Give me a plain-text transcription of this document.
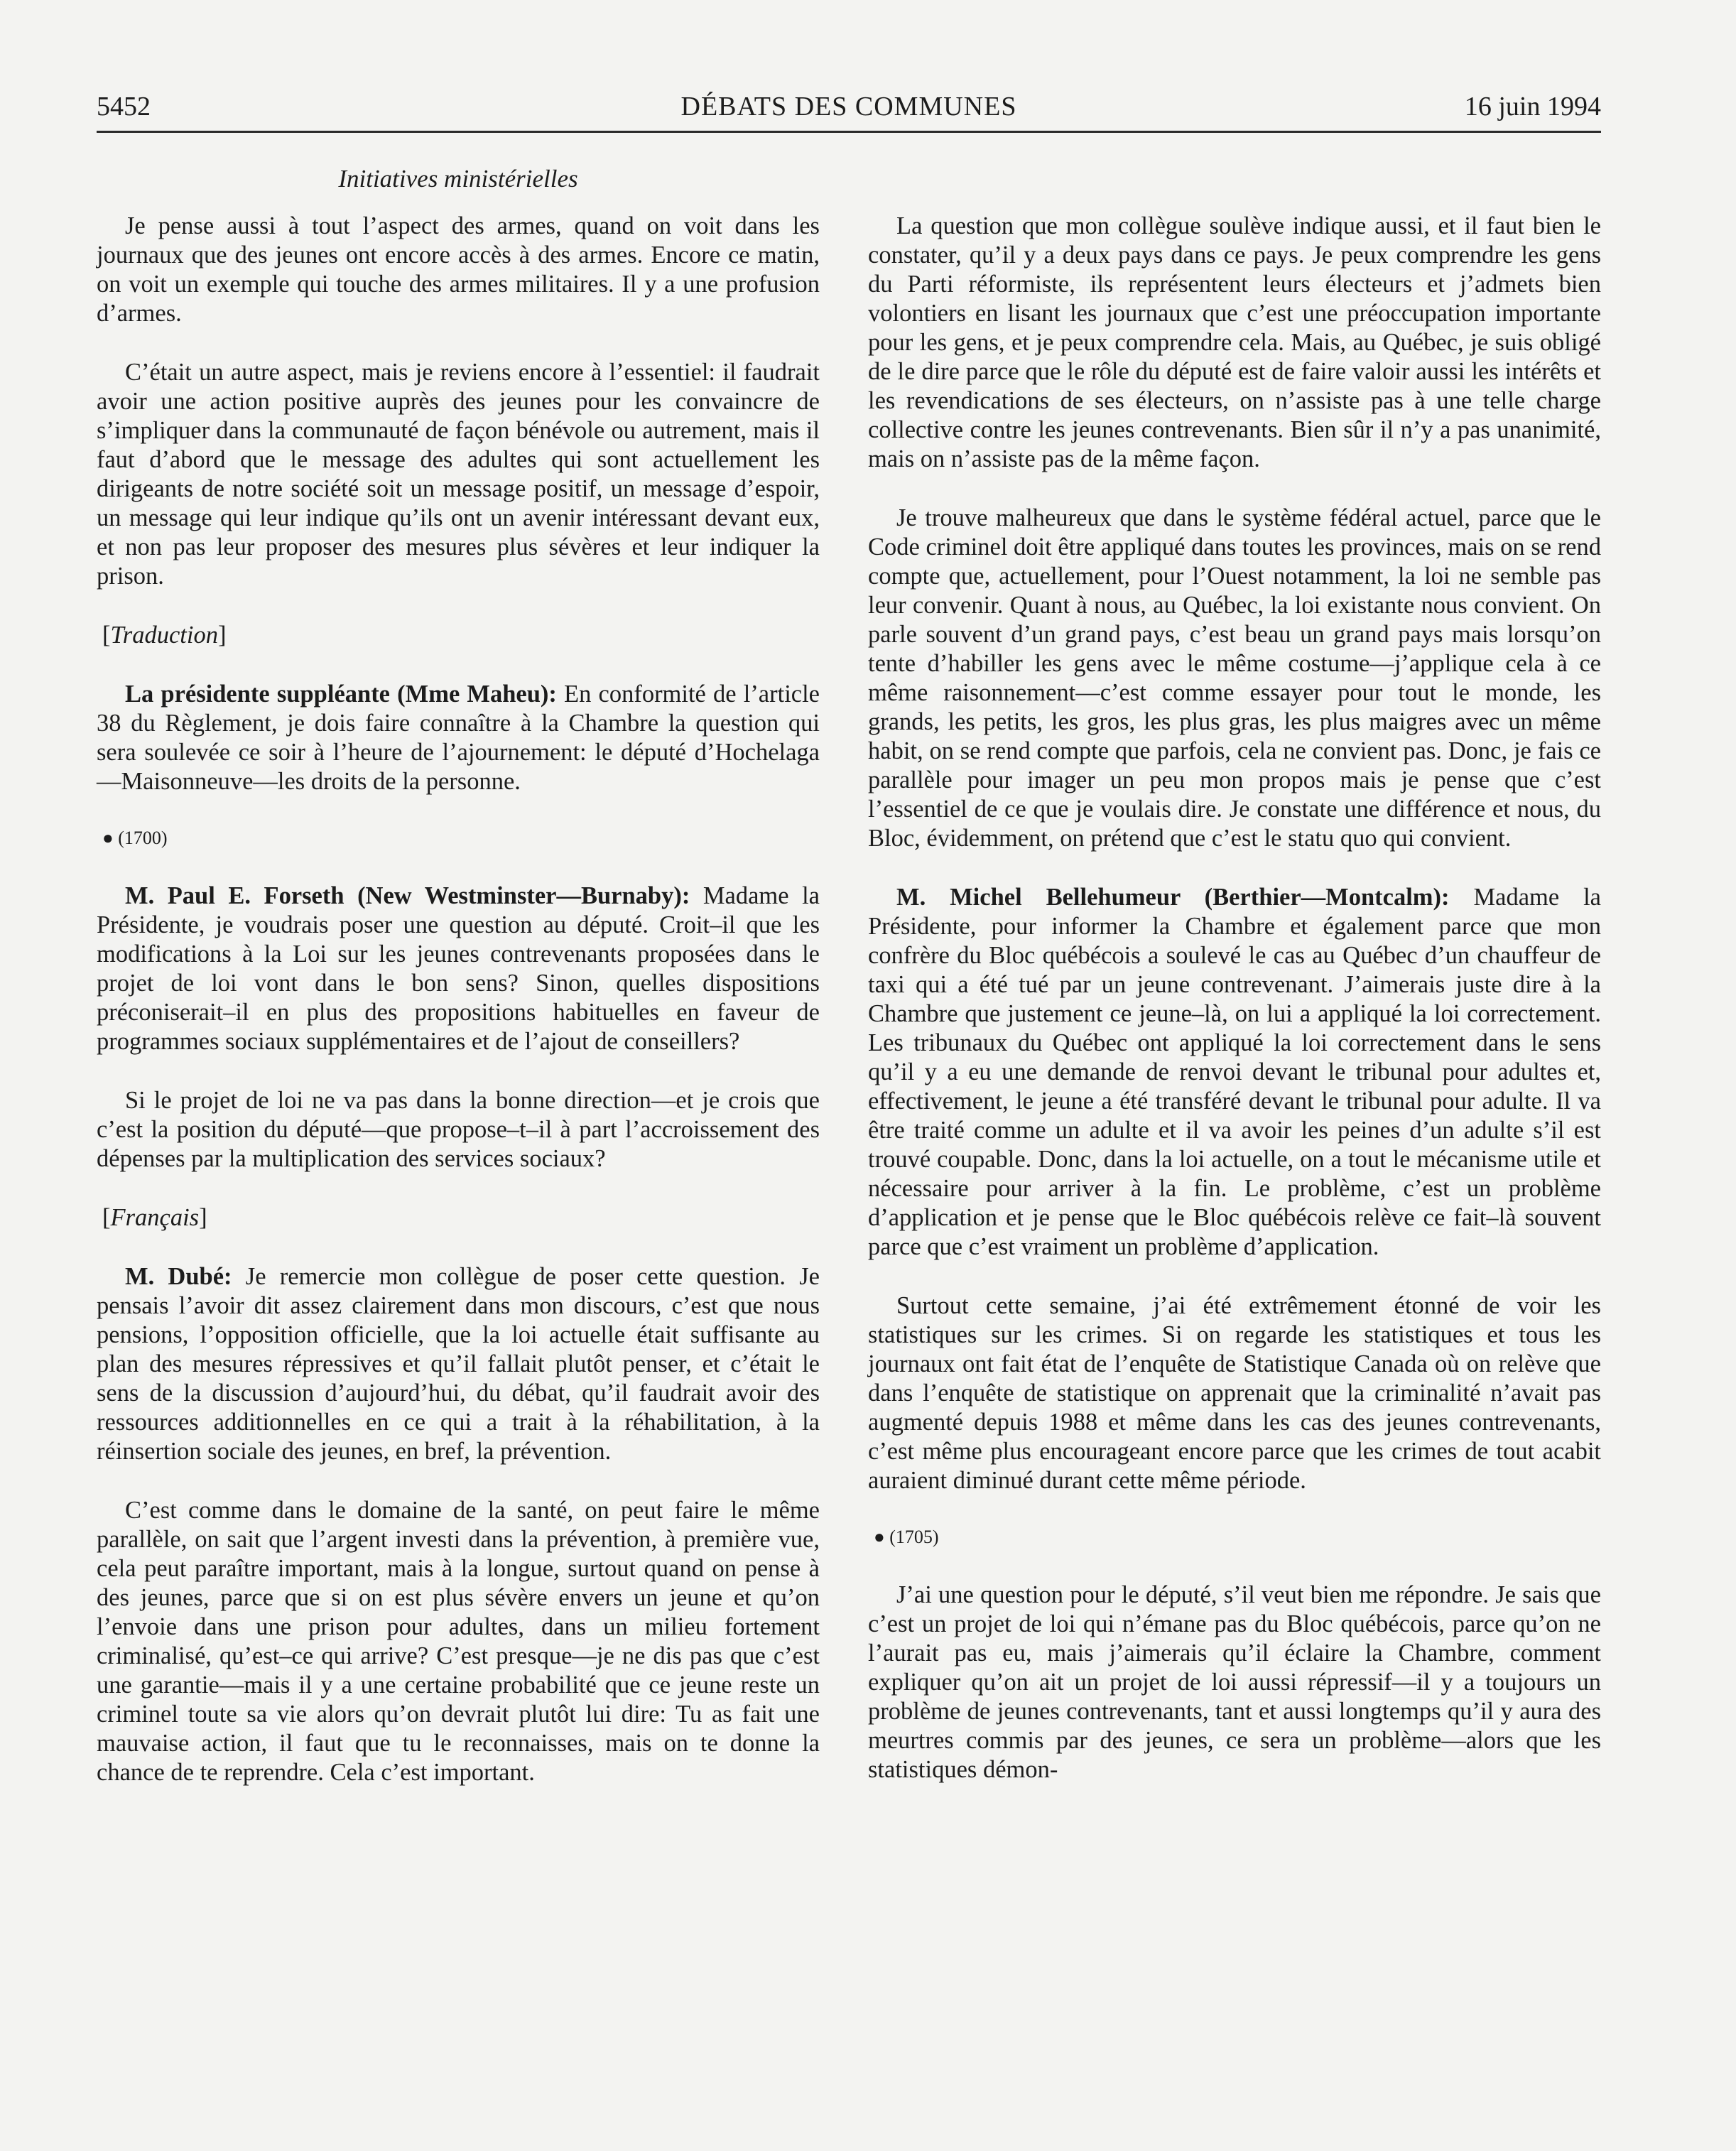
5452	DÉBATS DES COMMUNES	16 juin 1994
Initiatives ministérielles

Je pense aussi à tout l’aspect des armes, quand on voit dans les journaux que des jeunes ont encore accès à des armes. Encore ce matin, on voit un exemple qui touche des armes militaires. Il y a une profusion d’armes.

C’était un autre aspect, mais je reviens encore à l’essentiel: il faudrait avoir une action positive auprès des jeunes pour les convaincre de s’impliquer dans la communauté de façon bénévole ou autrement, mais il faut d’abord que le message des adultes qui sont actuellement les dirigeants de notre société soit un message positif, un message d’espoir, un message qui leur indique qu’ils ont un avenir intéressant devant eux, et non pas leur proposer des mesures plus sévères et leur indiquer la prison.

[Traduction]

La présidente suppléante (Mme Maheu): En conformité de l’article 38 du Règlement, je dois faire connaître à la Chambre la question qui sera soulevée ce soir à l’heure de l’ajournement: le député d’Hochelaga—Maisonneuve—les droits de la personne.

● (1700)

M. Paul E. Forseth (New Westminster—Burnaby): Madame la Présidente, je voudrais poser une question au député. Croit–il que les modifications à la Loi sur les jeunes contrevenants proposées dans le projet de loi vont dans le bon sens? Sinon, quelles dispositions préconiserait–il en plus des propositions habituelles en faveur de programmes sociaux supplémentaires et de l’ajout de conseillers?

Si le projet de loi ne va pas dans la bonne direction—et je crois que c’est la position du député—que propose–t–il à part l’accroissement des dépenses par la multiplication des services sociaux?

[Français]

M. Dubé: Je remercie mon collègue de poser cette question. Je pensais l’avoir dit assez clairement dans mon discours, c’est que nous pensions, l’opposition officielle, que la loi actuelle était suffisante au plan des mesures répressives et qu’il fallait plutôt penser, et c’était le sens de la discussion d’aujourd’hui, du débat, qu’il faudrait avoir des ressources additionnelles en ce qui a trait à la réhabilitation, à la réinsertion sociale des jeunes, en bref, la prévention.

C’est comme dans le domaine de la santé, on peut faire le même parallèle, on sait que l’argent investi dans la prévention, à première vue, cela peut paraître important, mais à la longue, surtout quand on pense à des jeunes, parce que si on est plus sévère envers un jeune et qu’on l’envoie dans une prison pour adultes, dans un milieu fortement criminalisé, qu’est–ce qui arrive? C’est presque—je ne dis pas que c’est une garantie—mais il y a une certaine probabilité que ce jeune reste un criminel toute sa vie alors qu’on devrait plutôt lui dire: Tu as fait une mauvaise action, il faut que tu le reconnaisses, mais on te donne la chance de te reprendre. Cela c’est important.

La question que mon collègue soulève indique aussi, et il faut bien le constater, qu’il y a deux pays dans ce pays. Je peux comprendre les gens du Parti réformiste, ils représentent leurs électeurs et j’admets bien volontiers en lisant les journaux que c’est une préoccupation importante pour les gens, et je peux comprendre cela. Mais, au Québec, je suis obligé de le dire parce que le rôle du député est de faire valoir aussi les intérêts et les revendications de ses électeurs, on n’assiste pas à une telle charge collective contre les jeunes contrevenants. Bien sûr il n’y a pas unanimité, mais on n’assiste pas de la même façon.

Je trouve malheureux que dans le système fédéral actuel, parce que le Code criminel doit être appliqué dans toutes les provinces, mais on se rend compte que, actuellement, pour l’Ouest notamment, la loi ne semble pas leur convenir. Quant à nous, au Québec, la loi existante nous convient. On parle souvent d’un grand pays, c’est beau un grand pays mais lorsqu’on tente d’habiller les gens avec le même costume—j’applique cela à ce même raisonnement—c’est comme essayer pour tout le monde, les grands, les petits, les gros, les plus gras, les plus maigres avec un même habit, on se rend compte que parfois, cela ne convient pas. Donc, je fais ce parallèle pour imager un peu mon propos mais je pense que c’est l’essentiel de ce que je voulais dire. Je constate une différence et nous, du Bloc, évidemment, on prétend que c’est le statu quo qui convient.

M. Michel Bellehumeur (Berthier—Montcalm): Madame la Présidente, pour informer la Chambre et également parce que mon confrère du Bloc québécois a soulevé le cas au Québec d’un chauffeur de taxi qui a été tué par un jeune contrevenant. J’aimerais juste dire à la Chambre que justement ce jeune–là, on lui a appliqué la loi correctement. Les tribunaux du Québec ont appliqué la loi correctement dans le sens qu’il y a eu une demande de renvoi devant le tribunal pour adultes et, effectivement, le jeune a été transféré devant le tribunal pour adulte. Il va être traité comme un adulte et il va avoir les peines d’un adulte s’il est trouvé coupable. Donc, dans la loi actuelle, on a tout le mécanisme utile et nécessaire pour arriver à la fin. Le problème, c’est un problème d’application et je pense que le Bloc québécois relève ce fait–là souvent parce que c’est vraiment un problème d’application.

Surtout cette semaine, j’ai été extrêmement étonné de voir les statistiques sur les crimes. Si on regarde les statistiques et tous les journaux ont fait état de l’enquête de Statistique Canada où on relève que dans l’enquête de statistique on apprenait que la criminalité n’avait pas augmenté depuis 1988 et même dans les cas des jeunes contrevenants, c’est même plus encourageant encore parce que les crimes de tout acabit auraient diminué durant cette même période.

● (1705)

J’ai une question pour le député, s’il veut bien me répondre. Je sais que c’est un projet de loi qui n’émane pas du Bloc québécois, parce qu’on ne l’aurait pas eu, mais j’aimerais qu’il éclaire la Chambre, comment expliquer qu’on ait un projet de loi aussi répressif—il y a toujours un problème de jeunes contrevenants, tant et aussi longtemps qu’il y aura des meurtres commis par des jeunes, ce sera un problème—alors que les statistiques démon-
